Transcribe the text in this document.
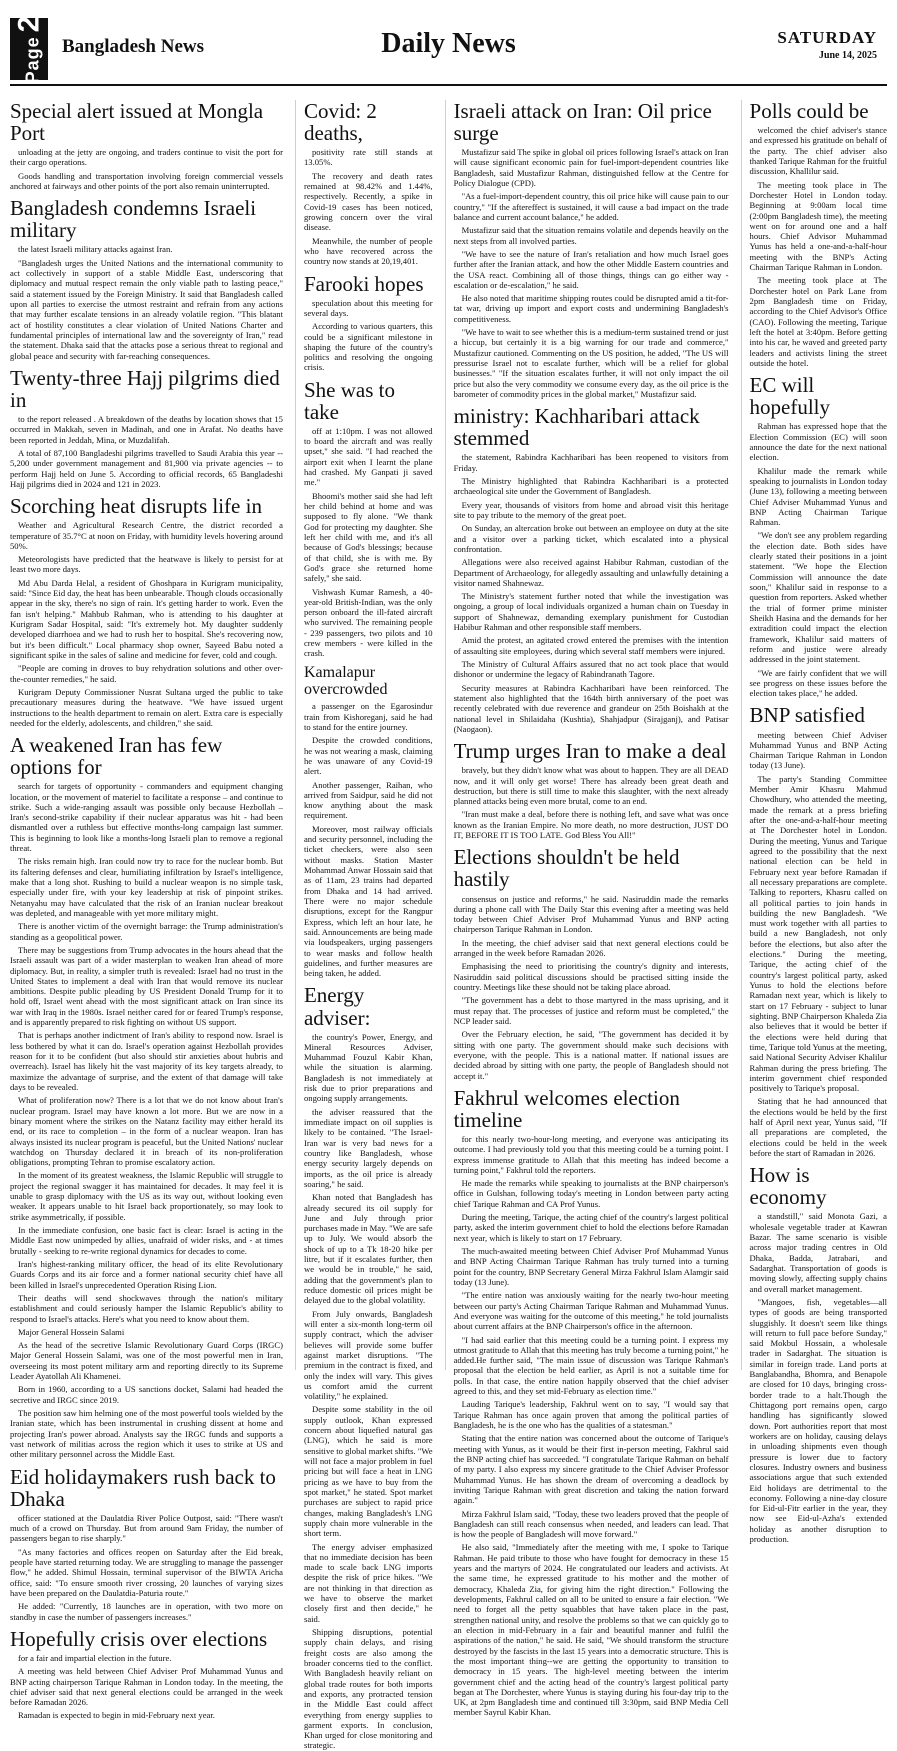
Page2
Bangladesh News	Daily News	SATURDAY
June 14, 2025
Special alert issued at Mongla Port

unloading at the jetty are ongoing, and traders continue to visit the port for their cargo operations.

Goods handling and transportation involving foreign commercial vessels anchored at fairways and other points of the port also remain uninterrupted.

Bangladesh condemns Israeli military

the latest Israeli military attacks against Iran.

"Bangladesh urges the United Nations and the international community to act collectively in support of a stable Middle East, underscoring that diplomacy and mutual respect remain the only viable path to lasting peace," said a statement issued by the Foreign Ministry. It said that Bangladesh called upon all parties to exercise the utmost restraint and refrain from any actions that may further escalate tensions in an already volatile region. "This blatant act of hostility constitutes a clear violation of United Nations Charter and fundamental principles of international law and the sovereignty of Iran," read the statement. Dhaka said that the attacks pose a serious threat to regional and global peace and security with far-reaching consequences.

Twenty-three Hajj pilgrims died in

to the report released . A breakdown of the deaths by location shows that 15 occurred in Makkah, seven in Madinah, and one in Arafat. No deaths have been reported in Jeddah, Mina, or Muzdalifah.

A total of 87,100 Bangladeshi pilgrims travelled to Saudi Arabia this year -- 5,200 under government management and 81,900 via private agencies -- to perform Hajj held on June 5. According to official records, 65 Bangladeshi Hajj pilgrims died in 2024 and 121 in 2023.

Scorching heat disrupts life in

Weather and Agricultural Research Centre, the district recorded a temperature of 35.7°C at noon on Friday, with humidity levels hovering around 50%.

Meteorologists have predicted that the heatwave is likely to persist for at least two more days.

Md Abu Darda Helal, a resident of Ghoshpara in Kurigram municipality, said: "Since Eid day, the heat has been unbearable. Though clouds occasionally appear in the sky, there's no sign of rain. It's getting harder to work. Even the fan isn't helping." Mahbub Rahman, who is attending to his daughter at Kurigram Sadar Hospital, said: "It's extremely hot. My daughter suddenly developed diarrhoea and we had to rush her to hospital. She's recovering now, but it's been difficult." Local pharmacy shop owner, Sayeed Babu noted a significant spike in the sales of saline and medicine for fever, cold and cough.

"People are coming in droves to buy rehydration solutions and other over-the-counter remedies," he said.

Kurigram Deputy Commissioner Nusrat Sultana urged the public to take precautionary measures during the heatwave. "We have issued urgent instructions to the health department to remain on alert. Extra care is especially needed for the elderly, adolescents, and children," she said.

A weakened Iran has few options for

search for targets of opportunity - commanders and equipment changing location, or the movement of materiel to facilitate a response – and continue to strike. Such a wide-ranging assault was possible only because Hezbollah – Iran's second-strike capability if their nuclear apparatus was hit - had been dismantled over a ruthless but effective months-long campaign last summer. This is beginning to look like a months-long Israeli plan to remove a regional threat.

The risks remain high. Iran could now try to race for the nuclear bomb. But its faltering defenses and clear, humiliating infiltration by Israel's intelligence, make that a long shot. Rushing to build a nuclear weapon is no simple task, especially under fire, with your key leadership at risk of pinpoint strikes. Netanyahu may have calculated that the risk of an Iranian nuclear breakout was depleted, and manageable with yet more military might.

There is another victim of the overnight barrage: the Trump administration's standing as a geopolitical power.

There may be suggestions from Trump advocates in the hours ahead that the Israeli assault was part of a wider masterplan to weaken Iran ahead of more diplomacy. But, in reality, a simpler truth is revealed: Israel had no trust in the United States to implement a deal with Iran that would remove its nuclear ambitions. Despite public pleading by US President Donald Trump for it to hold off, Israel went ahead with the most significant attack on Iran since its war with Iraq in the 1980s. Israel neither cared for or feared Trump's response, and is apparently prepared to risk fighting on without US support.

That is perhaps another indictment of Iran's ability to respond now. Israel is less bothered by what it can do. Israel's operation against Hezbollah provides reason for it to be confident (but also should stir anxieties about hubris and overreach). Israel has likely hit the vast majority of its key targets already, to maximize the advantage of surprise, and the extent of that damage will take days to be revealed.

What of proliferation now? There is a lot that we do not know about Iran's nuclear program. Israel may have known a lot more. But we are now in a binary moment where the strikes on the Natanz facility may either herald its end, or its race to completion – in the form of a nuclear weapon. Iran has always insisted its nuclear program is peaceful, but the United Nations' nuclear watchdog on Thursday declared it in breach of its non-proliferation obligations, prompting Tehran to promise escalatory action.

In the moment of its greatest weakness, the Islamic Republic will struggle to project the regional swagger it has maintained for decades. It may feel it is unable to grasp diplomacy with the US as its way out, without looking even weaker. It appears unable to hit Israel back proportionately, so may look to strike asymmetrically, if possible.

In the immediate confusion, one basic fact is clear: Israel is acting in the Middle East now unimpeded by allies, unafraid of wider risks, and - at times brutally - seeking to re-write regional dynamics for decades to come.

Iran's highest-ranking military officer, the head of its elite Revolutionary Guards Corps and its air force and a former national security chief have all been killed in Israel's unprecedented Operation Rising Lion.

Their deaths will send shockwaves through the nation's military establishment and could seriously hamper the Islamic Republic's ability to respond to Israel's attacks. Here's what you need to know about them.

Major General Hossein Salami

As the head of the secretive Islamic Revolutionary Guard Corps (IRGC) Major General Hossein Salami, was one of the most powerful men in Iran, overseeing its most potent military arm and reporting directly to its Supreme Leader Ayatollah Ali Khamenei.

Born in 1960, according to a US sanctions docket, Salami had headed the secretive and IRGC since 2019.

The position saw him helming one of the most powerful tools wielded by the Iranian state, which has been instrumental in crushing dissent at home and projecting Iran's power abroad. Analysts say the IRGC funds and supports a vast network of militias across the region which it uses to strike at US and other military personnel across the Middle East.

Eid holidaymakers rush back to Dhaka

officer stationed at the Daulatdia River Police Outpost, said: "There wasn't much of a crowd on Thursday. But from around 9am Friday, the number of passengers began to rise sharply."

"As many factories and offices reopen on Saturday after the Eid break, people have started returning today. We are struggling to manage the passenger flow," he added. Shimul Hossain, terminal supervisor of the BIWTA Aricha office, said: "To ensure smooth river crossing, 20 launches of varying sizes have been prepared on the Daulatdia-Paturia route."

He added: "Currently, 18 launches are in operation, with two more on standby in case the number of passengers increases."

Hopefully crisis over elections

for a fair and impartial election in the future.

A meeting was held between Chief Adviser Prof Muhammad Yunus and BNP acting chairperson Tarique Rahman in London today. In the meeting, the chief adviser said that next general elections could be arranged in the week before Ramadan 2026.

Ramadan is expected to begin in mid-February next year.

Covid: 2 deaths,

positivity rate still stands at 13.05%.

The recovery and death rates remained at 98.42% and 1.44%, respectively. Recently, a spike in Covid-19 cases has been noticed, growing concern over the viral disease.

Meanwhile, the number of people who have recovered across the country now stands at 20,19,401.

Farooki hopes

speculation about this meeting for several days.

According to various quarters, this could be a significant milestone in shaping the future of the country's politics and resolving the ongoing crisis.

She was to take

off at 1:10pm. I was not allowed to board the aircraft and was really upset," she said. "I had reached the airport exit when I learnt the plane had crashed. My Ganpati ji saved me."

Bhoomi's mother said she had left her child behind at home and was supposed to fly alone. "We thank God for protecting my daughter. She left her child with me, and it's all because of God's blessings; because of that child, she is with me. By God's grace she returned home safely," she said.

Vishwash Kumar Ramesh, a 40-year-old British-Indian, was the only person onboard the ill-fated aircraft who survived. The remaining people - 239 passengers, two pilots and 10 crew members - were killed in the crash.

Kamalapur overcrowded

a passenger on the Egarosindur train from Kishoreganj, said he had to stand for the entire journey.

Despite the crowded conditions, he was not wearing a mask, claiming he was unaware of any Covid-19 alert.

Another passenger, Raihan, who arrived from Saidpur, said he did not know anything about the mask requirement.

Moreover, most railway officials and security personnel, including the ticket checkers, were also seen without masks. Station Master Mohammad Anwar Hossain said that as of 11am, 23 trains had departed from Dhaka and 14 had arrived. There were no major schedule disruptions, except for the Rangpur Express, which left an hour late, he said. Announcements are being made via loudspeakers, urging passengers to wear masks and follow health guidelines, and further measures are being taken, he added.

Energy adviser:

the country's Power, Energy, and Mineral Resources Adviser, Muhammad Fouzul Kabir Khan, while the situation is alarming. Bangladesh is not immediately at risk due to prior preparations and ongoing supply arrangements.

the adviser reassured that the immediate impact on oil supplies is likely to be contained. "The Israel-Iran war is very bad news for a country like Bangladesh, whose energy security largely depends on imports, as the oil price is already soaring," he said.

Khan noted that Bangladesh has already secured its oil supply for June and July through prior purchases made in May. "We are safe up to July. We would absorb the shock of up to a Tk 18-20 hike per litre, but if it escalates further, then we would be in trouble," he said, adding that the government's plan to reduce domestic oil prices might be delayed due to the global volatility.

From July onwards, Bangladesh will enter a six-month long-term oil supply contract, which the adviser believes will provide some buffer against market disruptions. "The premium in the contract is fixed, and only the index will vary. This gives us comfort amid the current volatility," he explained.

Despite some stability in the oil supply outlook, Khan expressed concern about liquefied natural gas (LNG), which he said is more sensitive to global market shifts. "We will not face a major problem in fuel pricing but will face a heat in LNG pricing as we have to buy from the spot market," he stated. Spot market purchases are subject to rapid price changes, making Bangladesh's LNG supply chain more vulnerable in the short term.

The energy adviser emphasized that no immediate decision has been made to scale back LNG imports despite the risk of price hikes. "We are not thinking in that direction as we have to observe the market closely first and then decide," he said.

Shipping disruptions, potential supply chain delays, and rising freight costs are also among the broader concerns tied to the conflict. With Bangladesh heavily reliant on global trade routes for both imports and exports, any protracted tension in the Middle East could affect everything from energy supplies to garment exports. In conclusion, Khan urged for close monitoring and strategic.

Israeli attack on Iran: Oil price surge

Mustafizur said The spike in global oil prices following Israel's attack on Iran will cause significant economic pain for fuel-import-dependent countries like Bangladesh, said Mustafizur Rahman, distinguished fellow at the Centre for Policy Dialogue (CPD).

"As a fuel-import-dependent country, this oil price hike will cause pain to our country," "If the aftereffect is sustained, it will cause a bad impact on the trade balance and current account balance," he added.

Mustafizur said that the situation remains volatile and depends heavily on the next steps from all involved parties.

"We have to see the nature of Iran's retaliation and how much Israel goes further after the Iranian attack, and how the other Middle Eastern countries and the USA react. Combining all of those things, things can go either way - escalation or de-escalation," he said.

He also noted that maritime shipping routes could be disrupted amid a tit-for-tat war, driving up import and export costs and undermining Bangladesh's competitiveness.

"We have to wait to see whether this is a medium-term sustained trend or just a hiccup, but certainly it is a big warning for our trade and commerce," Mustafizur cautioned. Commenting on the US position, he added, "The US will pressurise Israel not to escalate further, which will be a relief for global businesses." "If the situation escalates further, it will not only impact the oil price but also the very commodity we consume every day, as the oil price is the barometer of commodity prices in the global market," Mustafizur said.

ministry: Kachharibari attack stemmed

the statement, Rabindra Kachharibari has been reopened to visitors from Friday.

The Ministry highlighted that Rabindra Kachharibari is a protected archaeological site under the Government of Bangladesh.

Every year, thousands of visitors from home and abroad visit this heritage site to pay tribute to the memory of the great poet.

On Sunday, an altercation broke out between an employee on duty at the site and a visitor over a parking ticket, which escalated into a physical confrontation.

Allegations were also received against Habibur Rahman, custodian of the Department of Archaeology, for allegedly assaulting and unlawfully detaining a visitor named Shahnewaz.

The Ministry's statement further noted that while the investigation was ongoing, a group of local individuals organized a human chain on Tuesday in support of Shahnewaz, demanding exemplary punishment for Custodian Habibur Rahman and other responsible staff members.

Amid the protest, an agitated crowd entered the premises with the intention of assaulting site employees, during which several staff members were injured.

The Ministry of Cultural Affairs assured that no act took place that would dishonor or undermine the legacy of Rabindranath Tagore.

Security measures at Rabindra Kachharibari have been reinforced. The statement also highlighted that the 164th birth anniversary of the poet was recently celebrated with due reverence and grandeur on 25th Boishakh at the national level in Shilaidaha (Kushtia), Shahjadpur (Sirajganj), and Patisar (Naogaon).

Trump urges Iran to make a deal

bravely, but they didn't know what was about to happen. They are all DEAD now, and it will only get worse! There has already been great death and destruction, but there is still time to make this slaughter, with the next already planned attacks being even more brutal, come to an end.

"Iran must make a deal, before there is nothing left, and save what was once known as the Iranian Empire. No more death, no more destruction, JUST DO IT, BEFORE IT IS TOO LATE. God Bless You All!"

Elections shouldn't be held hastily

consensus on justice and reforms," he said. Nasiruddin made the remarks during a phone call with The Daily Star this evening after a meeting was held today between Chief Adviser Prof Muhammad Yunus and BNP acting chairperson Tarique Rahman in London.

In the meeting, the chief adviser said that next general elections could be arranged in the week before Ramadan 2026.

Emphasising the need to prioritising the country's dignity and interests, Nasiruddin said political discussions should be practised sitting inside the country. Meetings like these should not be taking place abroad.

"The government has a debt to those martyred in the mass uprising, and it must repay that. The processes of justice and reform must be completed," the NCP leader said.

Over the February election, he said, "The government has decided it by sitting with one party. The government should make such decisions with everyone, with the people. This is a national matter. If national issues are decided abroad by sitting with one party, the people of Bangladesh should not accept it."

Fakhrul welcomes election timeline

for this nearly two-hour-long meeting, and everyone was anticipating its outcome. I had previously told you that this meeting could be a turning point. I express immense gratitude to Allah that this meeting has indeed become a turning point," Fakhrul told the reporters.

He made the remarks while speaking to journalists at the BNP chairperson's office in Gulshan, following today's meeting in London between party acting chief Tarique Rahman and CA Prof Yunus.

During the meeting, Tarique, the acting chief of the country's largest political party, asked the interim government chief to hold the elections before Ramadan next year, which is likely to start on 17 February.

The much-awaited meeting between Chief Adviser Prof Muhammad Yunus and BNP Acting Chairman Tarique Rahman has truly turned into a turning point for the country, BNP Secretary General Mirza Fakhrul Islam Alamgir said today (13 June).

"The entire nation was anxiously waiting for the nearly two-hour meeting between our party's Acting Chairman Tarique Rahman and Muhammad Yunus. And everyone was waiting for the outcome of this meeting," he told journalists about current affairs at the BNP Chairperson's office in the afternoon.

"I had said earlier that this meeting could be a turning point. I express my utmost gratitude to Allah that this meeting has truly become a turning point," he added.He further said, "The main issue of discussion was Tarique Rahman's proposal that the election be held earlier, as April is not a suitable time for polls. In that case, the entire nation happily observed that the chief adviser agreed to this, and they set mid-February as election time."

Lauding Tarique's leadership, Fakhrul went on to say, "I would say that Tarique Rahman has once again proven that among the political parties of Bangladesh, he is the one who has the qualities of a statesman."

Stating that the entire nation was concerned about the outcome of Tarique's meeting with Yunus, as it would be their first in-person meeting, Fakhrul said the BNP acting chief has succeeded. "I congratulate Tarique Rahman on behalf of my party. I also express my sincere gratitude to the Chief Adviser Professor Muhammad Yunus. He has shown the dream of overcoming a deadlock by inviting Tarique Rahman with great discretion and taking the nation forward again."

Mirza Fakhrul Islam said, "Today, these two leaders proved that the people of Bangladesh can still reach consensus when needed, and leaders can lead. That is how the people of Bangladesh will move forward."

He also said, "Immediately after the meeting with me, I spoke to Tarique Rahman. He paid tribute to those who have fought for democracy in these 15 years and the martyrs of 2024. He congratulated our leaders and activists. At the same time, he expressed gratitude to his mother and the mother of democracy, Khaleda Zia, for giving him the right direction." Following the developments, Fakhrul called on all to be united to ensure a fair election. "We need to forget all the petty squabbles that have taken place in the past, strengthen national unity, and resolve the problems so that we can quickly go to an election in mid-February in a fair and beautiful manner and fulfil the aspirations of the nation," he said. He said, "We should transform the structure destroyed by the fascists in the last 15 years into a democratic structure. This is the most important thing--we are getting the opportunity to transition to democracy in 15 years. The high-level meeting between the interim government chief and the acting head of the country's largest political party began at The Dorchester, where Yunus is staying during his four-day trip to the UK, at 2pm Bangladesh time and continued till 3:30pm, said BNP Media Cell member Sayrul Kabir Khan.

Polls could be

welcomed the chief adviser's stance and expressed his gratitude on behalf of the party. The chief adviser also thanked Tarique Rahman for the fruitful discussion, Khallilur said.

The meeting took place in The Dorchester Hotel in London today. Beginning at 9:00am local time (2:00pm Bangladesh time), the meeting went on for around one and a half hours. Chief Advisor Muhammad Yunus has held a one-and-a-half-hour meeting with the BNP's Acting Chairman Tarique Rahman in London.

The meeting took place at The Dorchester hotel on Park Lane from 2pm Bangladesh time on Friday, according to the Chief Advisor's Office (CAO). Following the meeting, Tarique left the hotel at 3:40pm. Before getting into his car, he waved and greeted party leaders and activists lining the street outside the hotel.

EC will hopefully

Rahman has expressed hope that the Election Commission (EC) will soon announce the date for the next national election.

Khalilur made the remark while speaking to journalists in London today (June 13), following a meeting between Chief Adviser Muhammad Yunus and BNP Acting Chairman Tarique Rahman.

"We don't see any problem regarding the election date. Both sides have clearly stated their positions in a joint statement. "We hope the Election Commission will announce the date soon," Khalilur said in response to a question from reporters. Asked whether the trial of former prime minister Sheikh Hasina and the demands for her extradition could impact the election framework, Khalilur said matters of reform and justice were already addressed in the joint statement.

"We are fairly confident that we will see progress on these issues before the election takes place," he added.

BNP satisfied

meeting between Chief Adviser Muhammad Yunus and BNP Acting Chairman Tarique Rahman in London today (13 June).

The party's Standing Committee Member Amir Khasru Mahmud Chowdhury, who attended the meeting, made the remark at a press briefing after the one-and-a-half-hour meeting at The Dorchester hotel in London. During the meeting, Yunus and Tarique agreed to the possibility that the next national election can be held in February next year before Ramadan if all necessary preparations are complete. Talking to reporters, Khasru called on all political parties to join hands in building the new Bangladesh. "We must work together with all parties to build a new Bangladesh, not only before the elections, but also after the elections." During the meeting, Tarique, the acting chief of the country's largest political party, asked Yunus to hold the elections before Ramadan next year, which is likely to start on 17 February - subject to lunar sighting. BNP Chairperson Khaleda Zia also believes that it would be better if the elections were held during that time, Tarique told Yunus at the meeting, said National Security Adviser Khalilur Rahman during the press briefing. The interim government chief responded positively to Tarique's proposal.

Stating that he had announced that the elections would be held by the first half of April next year, Yunus said, "If all preparations are completed, the elections could be held in the week before the start of Ramadan in 2026.

How is economy

a standstill," said Monota Gazi, a wholesale vegetable trader at Kawran Bazar. The same scenario is visible across major trading centres in Old Dhaka, Badda, Jatrabari, and Sadarghat. Transportation of goods is moving slowly, affecting supply chains and overall market management.

"Mangoes, fish, vegetables—all types of goods are being transported sluggishly. It doesn't seem like things will return to full pace before Sunday," said Mokbul Hossain, a wholesale trader in Sadarghat. The situation is similar in foreign trade. Land ports at Banglabandha, Bhomra, and Benapole are closed for 10 days, bringing cross-border trade to a halt.Though the Chittagong port remains open, cargo handling has significantly slowed down. Port authorities report that most workers are on holiday, causing delays in unloading shipments even though pressure is lower due to factory closures. Industry owners and business associations argue that such extended Eid holidays are detrimental to the economy. Following a nine-day closure for Eid-ul-Fitr earlier in the year, they now see Eid-ul-Azha's extended holiday as another disruption to production.
